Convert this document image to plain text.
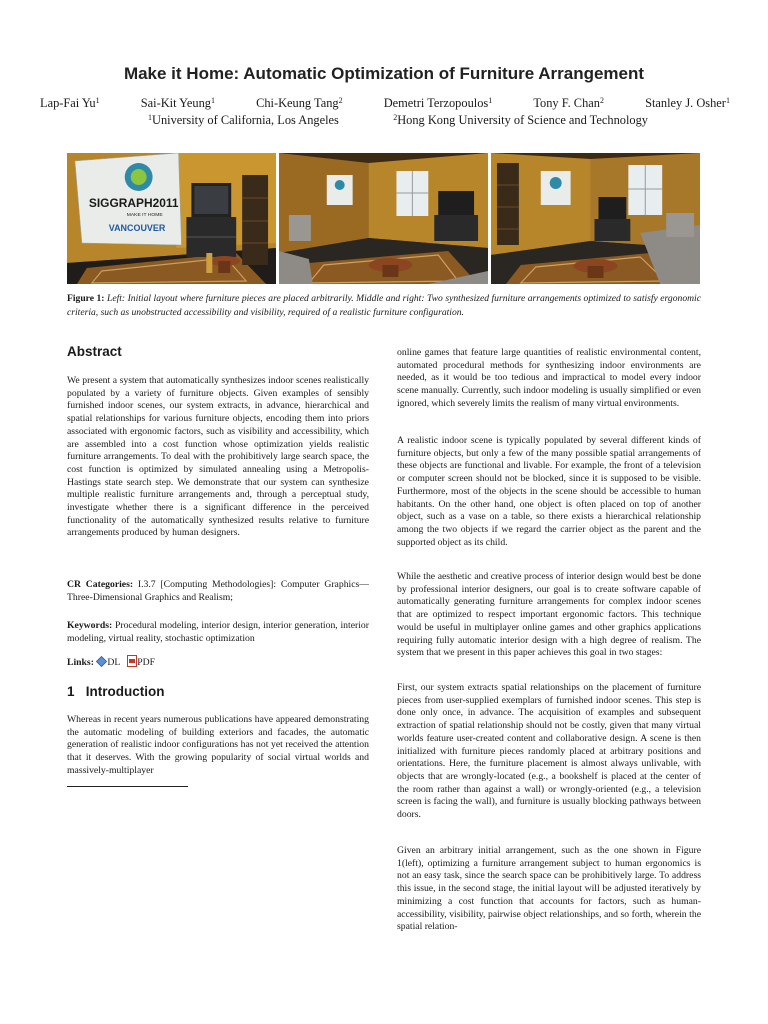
Make it Home: Automatic Optimization of Furniture Arrangement
Lap-Fai Yu$^1$	Sai-Kit Yeung$^1$	Chi-Keung Tang$^2$	Demetri Terzopoulos$^1$	Tony F. Chan$^2$	Stanley J. Osher$^1$
$^1$University of California, Los Angeles	$^2$Hong Kong University of Science and Technology
SIGGRAPH2011
MAKE IT HOME
VANCOUVER
Figure 1: Left: Initial layout where furniture pieces are placed arbitrarily. Middle and right: Two synthesized furniture arrangements optimized to satisfy ergonomic criteria, such as unobstructed accessibility and visibility, required of a realistic furniture configuration.
Abstract

We present a system that automatically synthesizes indoor scenes realistically populated by a variety of furniture objects. Given examples of sensibly furnished indoor scenes, our system extracts, in advance, hierarchical and spatial relationships for various furniture objects, encoding them into priors associated with ergonomic factors, such as visibility and accessibility, which are assembled into a cost function whose optimization yields realistic furniture arrangements. To deal with the prohibitively large search space, the cost function is optimized by simulated annealing using a Metropolis-Hastings state search step. We demonstrate that our system can synthesize multiple realistic furniture arrangements and, through a perceptual study, investigate whether there is a significant difference in the perceived functionality of the automatically synthesized results relative to furniture arrangements produced by human designers.

CR Categories: I.3.7 [Computing Methodologies]: Computer Graphics—Three-Dimensional Graphics and Realism;

Keywords: Procedural modeling, interior design, interior generation, interior modeling, virtual reality, stochastic optimization

Links: DL PDF

1 Introduction

Whereas in recent years numerous publications have appeared demonstrating the automatic modeling of building exteriors and facades, the automatic generation of realistic indoor configurations has not yet received the attention that it deserves. With the growing popularity of social virtual worlds and massively-multiplayer

online games that feature large quantities of realistic environmental content, automated procedural methods for synthesizing indoor environments are needed, as it would be too tedious and impractical to model every indoor scene manually. Currently, such indoor modeling is usually simplified or even ignored, which severely limits the realism of many virtual environments.

A realistic indoor scene is typically populated by several different kinds of furniture objects, but only a few of the many possible spatial arrangements of these objects are functional and livable. For example, the front of a television or computer screen should not be blocked, since it is supposed to be visible. Furthermore, most of the objects in the scene should be accessible to human habitants. On the other hand, one object is often placed on top of another object, such as a vase on a table, so there exists a hierarchical relationship among the two objects if we regard the carrier object as the parent and the supported object as its child.

While the aesthetic and creative process of interior design would best be done by professional interior designers, our goal is to create software capable of automatically generating furniture arrangements for complex indoor scenes that are optimized to respect important ergonomic factors. This technique would be useful in multiplayer online games and other graphics applications requiring fully automatic interior design with a high degree of realism. The system that we present in this paper achieves this goal in two stages:

First, our system extracts spatial relationships on the placement of furniture pieces from user-supplied exemplars of furnished indoor scenes. This step is done only once, in advance. The acquisition of examples and subsequent extraction of spatial relationship should not be costly, given that many virtual worlds feature user-created content and collaborative design. A scene is then initialized with furniture pieces randomly placed at arbitrary positions and orientations. Here, the furniture placement is almost always unlivable, with objects that are wrongly-located (e.g., a bookshelf is placed at the center of the room rather than against a wall) or wrongly-oriented (e.g., a television screen is facing the wall), and furniture is usually blocking pathways between doors.

Given an arbitrary initial arrangement, such as the one shown in Figure 1(left), optimizing a furniture arrangement subject to human ergonomics is not an easy task, since the search space can be prohibitively large. To address this issue, in the second stage, the initial layout will be adjusted iteratively by minimizing a cost function that accounts for factors, such as human-accessibility, visibility, pairwise object relationships, and so forth, wherein the spatial relation-
